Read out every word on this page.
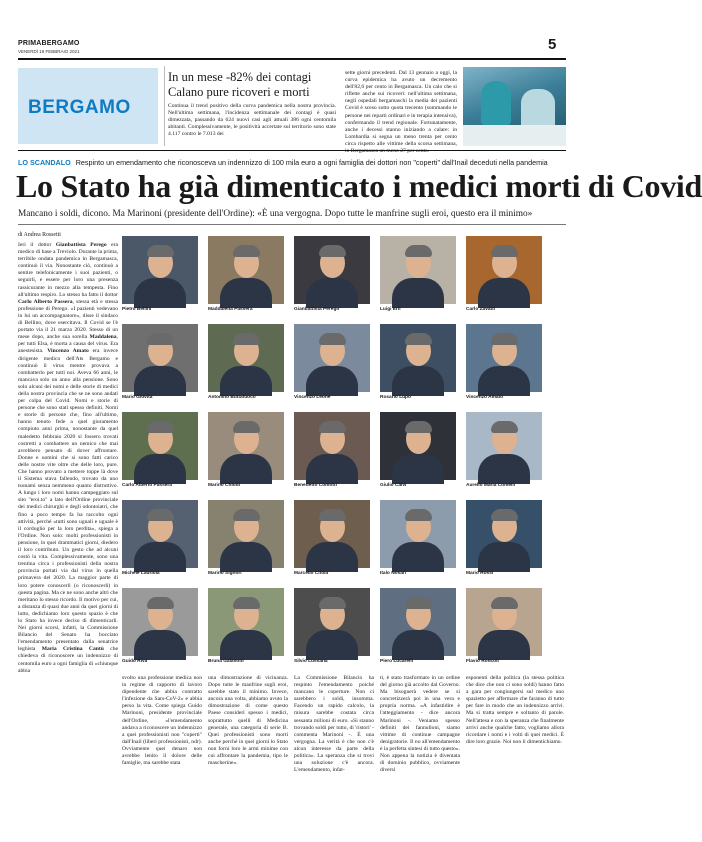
PRIMABERGAMO
VENERDÌ 19 FEBBRAIO 2021	5
BERGAMO
In un mese -82% dei contagi Calano pure ricoveri e morti
Continua il trend positivo della curva pandemica nella nostra provincia. Nell'ultima settimana, l'incidenza settimanale dei contagi è quasi dimezzata, passando da 624 nuovi casi agli attuali 386 ogni centomila abitanti. Complessivamente, le positività accertate sul territorio sono state 4.117 contro le 7.013 dei
sette giorni precedenti. Dal 13 gennaio a oggi, la curva epidemica ha avuto un decremento dell'82,6 per cento in Bergamasca. Un calo che si riflette anche sui ricoveri: nell'ultima settimana, negli ospedali bergamaschi la media dei pazienti Covid è sceso sotto quota trecento (sommando le persone nei reparti ordinari e in terapia intensiva), confermando il trend regionale. Fortunatamente, anche i decessi stanno iniziando a calare: in Lombardia si segna un meno trenta per cento circa rispetto alle vittime della scorsa settimana, in Bergamasca un meno 27 per cento.
LO SCANDALO Respinto un emendamento che riconosceva un indennizzo di 100 mila euro a ogni famiglia dei dottori non "coperti" dall'Inail deceduti nella pandemia
Lo Stato ha già dimenticato i medici morti di Covid
Mancano i soldi, dicono. Ma Marinoni (presidente dell'Ordine): «È una vergogna. Dopo tutte le manfrine sugli eroi, questo era il minimo»
di Andrea Rossetti
Ieri il dottor Gianbattista Perego era medico di base a Treviolo. Durante la prima, terribile ondata pandemica in Bergamasca, continuò il via. Nonostante ciò, continuò a sentire telefonicamente i suoi pazienti, o seguirli, e essere per loro una presenza rassicurante in mezzo alla tempesta. Fino all'ultimo respiro. Lo stesso ha fatto il dottor Carlo Alberto Passera, stessa età e stessa professione di Perego. «I pazienti vedevano in lui un accompagnatore», disse il sindaco di Bellino, dove esercitava. Il Covid se l'è portato via il 21 marzo 2020. Stesso di un mese dopo, anche sua sorella Maddalena, per tutti Elsa, è morta a causa del virus. Era anestesista. Vincenzo Amato era invece dirigente medico dell'Ats Bergamo e continuò il virus mentre provava a combatterlo per tutti noi. Aveva 66 anni, le mancava solo un anno alla pensione. Sono solo alcuni dei nomi e delle storie di medici della nostra provincia che se ne sono andati per colpa del Covid. Nomi e storie di persone che sono stati spesso definiti. Nomi e storie di persone che, fino all'ultimo, hanno tenuto fede a quel giuramento compiuto anni prima, nonostante da quel maledetto febbraio 2020 si fossero trovati costretti a combattere un nemico che mai avrebbero pensato di dover affrontare. Donne e uomini che si sono fatti carico delle nostre vite oltre che delle loro, pure. Che hanno provato a mettere toppe là dove il Sistema stava fallendo, trovato da uno tsunami senza nemmeno quanto distruttivo. A lungo i loro nomi hanno campeggiato sul sito "eroi.to" a lato dell'Ordine provinciale dei medici chirurghi e degli odontoiatri, che fino a poco tempo fa ha raccolto ogni attività, perché «tutti sono uguali e uguale è il cordoglio per la loro perdita», spiega a l'Ordine. Non solo: molti professionisti in pensione, in quei drammatici giorni, diedero il loro contributo. Un gesto che ad alcuni costò la vita. Complessivamente, sono una trentina circa i professionisti della nostra provincia portati via dal virus in quella primavera del 2020. La maggior parte di loro potere conoscerli (o riconoscerli) in questa pagina. Ma ce ne sono anche altri che meritano lo stesso ricordo. Il motivo per cui, a distanza di quasi due anni da quei giorni di lutto, dedichiamo loro questo spazio è che lo Stato ha invece deciso di dimenticarli. Nei giorni scorsi, infatti, la Commissione Bilancio del Senato ha bocciato l'emendamento presentato dalla senatrice leghista Maria Cristina Cantù che chiedeva di riconoscere un indennizzo di centomila euro a ogni famiglia di «chiunque abbia
Pietro Bellini	Maddalena Passera	Gianbattista Perego	Luigi Erli	Carlo Zavatti
Mario Giovita	Antonino Buttafuoco	Vincenzo Leone	Rosario Lupo	Vincenzo Amato
Carlo Alberto Passera	Marino Chiodi	Benedetto Comotti	Giulio Calvi	Aurelio Maria Comelli
Michele Lauriola	Marino Signori	Marcello Cifola	Italo Nosari	Mario Rossi
Guido Riva	Bruna Galavotti	Silvio Lussana	Piero Lucarelli	Flavio Roncoli
svolto una professione medica non in regime di rapporto di lavoro dipendente che abbia contratto l'infezione da Sars-CoV-2» e abbia perso la vita. Come spiega Guido Marinoni, presidente provinciale dell'Ordine, «l'emendamento andava a riconoscere un indennizzo a quei professionisti non "coperti" dall'Inail (liberi professionisti, ndr). Ovviamente quei denaro non avrebbe lenito il dolore delle famiglie, ma sarebbe stata
una dimostrazione di vicinanza. Dopo tutte le manfrine sugli eroi, sarebbe stato il minimo. Invece, ancora una volta, abbiamo avuto la dimostrazione di come questo Paese consideri spesso i medici, soprattutto quelli di Medicina generale, una categoria di serie B. Quei professionisti sono morti anche perché in quei giorni lo Stato non forni loro le armi minime con cui affrontare la pandemia, tipo le mascherine».
La Commissione Bilancio ha respinto l'emendamento poiché mancano le coperture. Non ci sarebbero i soldi, insomma. Facendo un rapido calcolo, la misura sarebbe costata circa sessanta milioni di euro. «Si stanno trovando soldi per tutto, di 'ristori' - commenta Marinoni -. È una vergogna. La verità è che non c'è alcun interesse da parte della politica». La speranza che si trovi una soluzione c'è ancora. L'emendamento, infat-
ti, è stato trasformato in un ordine del giorno già accolto dal Governo. Ma bisognerà vedere se si concretizzerà poi in una vera e propria norma. «A infastidire è l'atteggiamento - dice ancora Marinoni -. Veniamo spesso definiti dei fannulloni, siamo vittime di continue campagne denigratorie. Il no all'emendamento è la perfetta sintesi di tutto questo». Non appena la notizia è diventata di dominio pubblico, ovviamente diversi
esponenti della politica (la stessa politica che dice che non ci sono soldi) hanno fatto a gara per congiungersi sul medico uno spazietto per affermare che faranno di tutto per fare in modo che un indennizzo arrivi. Ma si tratta sempre e soltanto di parole. Nell'attesa e con la speranza che finalmente arrivi anche qualche fatto, vogliamo allora ricordare i nomi e i volti di quei medici. È dire loro grazie. Noi non li dimentichiamo.
